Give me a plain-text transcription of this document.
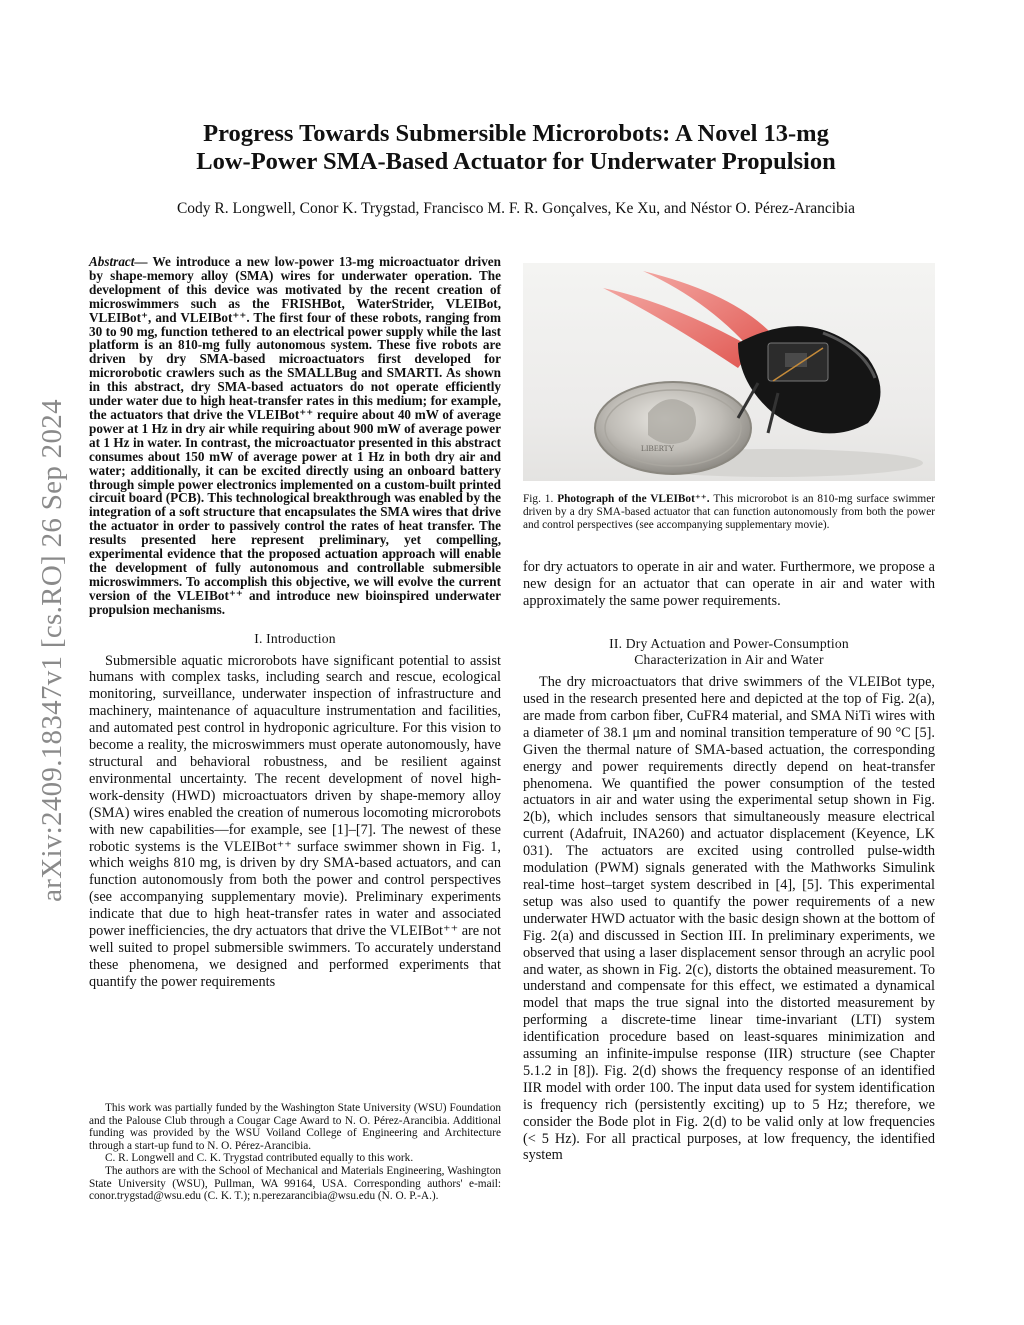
arXiv:2409.18347v1 [cs.RO] 26 Sep 2024
Progress Towards Submersible Microrobots: A Novel 13-mg
Low-Power SMA-Based Actuator for Underwater Propulsion
Cody R. Longwell, Conor K. Trygstad, Francisco M. F. R. Gonçalves, Ke Xu, and Néstor O. Pérez-Arancibia

Abstract— We introduce a new low-power 13-mg microactuator driven by shape-memory alloy (SMA) wires for underwater operation. The development of this device was motivated by the recent creation of microswimmers such as the FRISHBot, WaterStrider, VLEIBot, VLEIBot⁺, and VLEIBot⁺⁺. The first four of these robots, ranging from 30 to 90 mg, function tethered to an electrical power supply while the last platform is an 810-mg fully autonomous system. These five robots are driven by dry SMA-based microactuators first developed for microrobotic crawlers such as the SMALLBug and SMARTI. As shown in this abstract, dry SMA-based actuators do not operate efficiently under water due to high heat-transfer rates in this medium; for example, the actuators that drive the VLEIBot⁺⁺ require about 40 mW of average power at 1 Hz in dry air while requiring about 900 mW of average power at 1 Hz in water. In contrast, the microactuator presented in this abstract consumes about 150 mW of average power at 1 Hz in both dry air and water; additionally, it can be excited directly using an onboard battery through simple power electronics implemented on a custom-built printed circuit board (PCB). This technological breakthrough was enabled by the integration of a soft structure that encapsulates the SMA wires that drive the actuator in order to passively control the rates of heat transfer. The results presented here represent preliminary, yet compelling, experimental evidence that the proposed actuation approach will enable the development of fully autonomous and controllable submersible microswimmers. To accomplish this objective, we will evolve the current version of the VLEIBot⁺⁺ and introduce new bioinspired underwater propulsion mechanisms.

I. Introduction

Submersible aquatic microrobots have significant potential to assist humans with complex tasks, including search and rescue, ecological monitoring, surveillance, underwater inspection of infrastructure and machinery, maintenance of aquaculture instrumentation and facilities, and automated pest control in hydroponic agriculture. For this vision to become a reality, the microswimmers must operate autonomously, have structural and behavioral robustness, and be resilient against environmental uncertainty. The recent development of novel high-work-density (HWD) microactuators driven by shape-memory alloy (SMA) wires enabled the creation of numerous locomoting microrobots with new capabilities—for example, see [1]–[7]. The newest of these robotic systems is the VLEIBot⁺⁺ surface swimmer shown in Fig. 1, which weighs 810 mg, is driven by dry SMA-based actuators, and can function autonomously from both the power and control perspectives (see accompanying supplementary movie). Preliminary experiments indicate that due to high heat-transfer rates in water and associated power inefficiencies, the dry actuators that drive the VLEIBot⁺⁺ are not well suited to propel submersible swimmers. To accurately understand these phenomena, we designed and performed experiments that quantify the power requirements

This work was partially funded by the Washington State University (WSU) Foundation and the Palouse Club through a Cougar Cage Award to N. O. Pérez-Arancibia. Additional funding was provided by the WSU Voiland College of Engineering and Architecture through a start-up fund to N. O. Pérez-Arancibia.

C. R. Longwell and C. K. Trygstad contributed equally to this work.

The authors are with the School of Mechanical and Materials Engineering, Washington State University (WSU), Pullman, WA 99164, USA. Corresponding authors' e-mail: conor.trygstad@wsu.edu (C. K. T.); n.perezarancibia@wsu.edu (N. O. P.-A.).

LIBERTY
Fig. 1. Photograph of the VLEIBot⁺⁺. This microrobot is an 810-mg surface swimmer driven by a dry SMA-based actuator that can function autonomously from both the power and control perspectives (see accompanying supplementary movie).

for dry actuators to operate in air and water. Furthermore, we propose a new design for an actuator that can operate in air and water with approximately the same power requirements.

II. Dry Actuation and Power-Consumption
Characterization in Air and Water

The dry microactuators that drive swimmers of the VLEIBot type, used in the research presented here and depicted at the top of Fig. 2(a), are made from carbon fiber, CuFR4 material, and SMA NiTi wires with a diameter of 38.1 μm and nominal transition temperature of 90 °C [5]. Given the thermal nature of SMA-based actuation, the corresponding energy and power requirements directly depend on heat-transfer phenomena. We quantified the power consumption of the tested actuators in air and water using the experimental setup shown in Fig. 2(b), which includes sensors that simultaneously measure electrical current (Adafruit, INA260) and actuator displacement (Keyence, LK 031). The actuators are excited using controlled pulse-width modulation (PWM) signals generated with the Mathworks Simulink real-time host–target system described in [4], [5]. This experimental setup was also used to quantify the power requirements of a new underwater HWD actuator with the basic design shown at the bottom of Fig. 2(a) and discussed in Section III. In preliminary experiments, we observed that using a laser displacement sensor through an acrylic pool and water, as shown in Fig. 2(c), distorts the obtained measurement. To understand and compensate for this effect, we estimated a dynamical model that maps the true signal into the distorted measurement by performing a discrete-time linear time-invariant (LTI) system identification procedure based on least-squares minimization and assuming an infinite-impulse response (IIR) structure (see Chapter 5.1.2 in [8]). Fig. 2(d) shows the frequency response of an identified IIR model with order 100. The input data used for system identification is frequency rich (persistently exciting) up to 5 Hz; therefore, we consider the Bode plot in Fig. 2(d) to be valid only at low frequencies (< 5 Hz). For all practical purposes, at low frequency, the identified system
